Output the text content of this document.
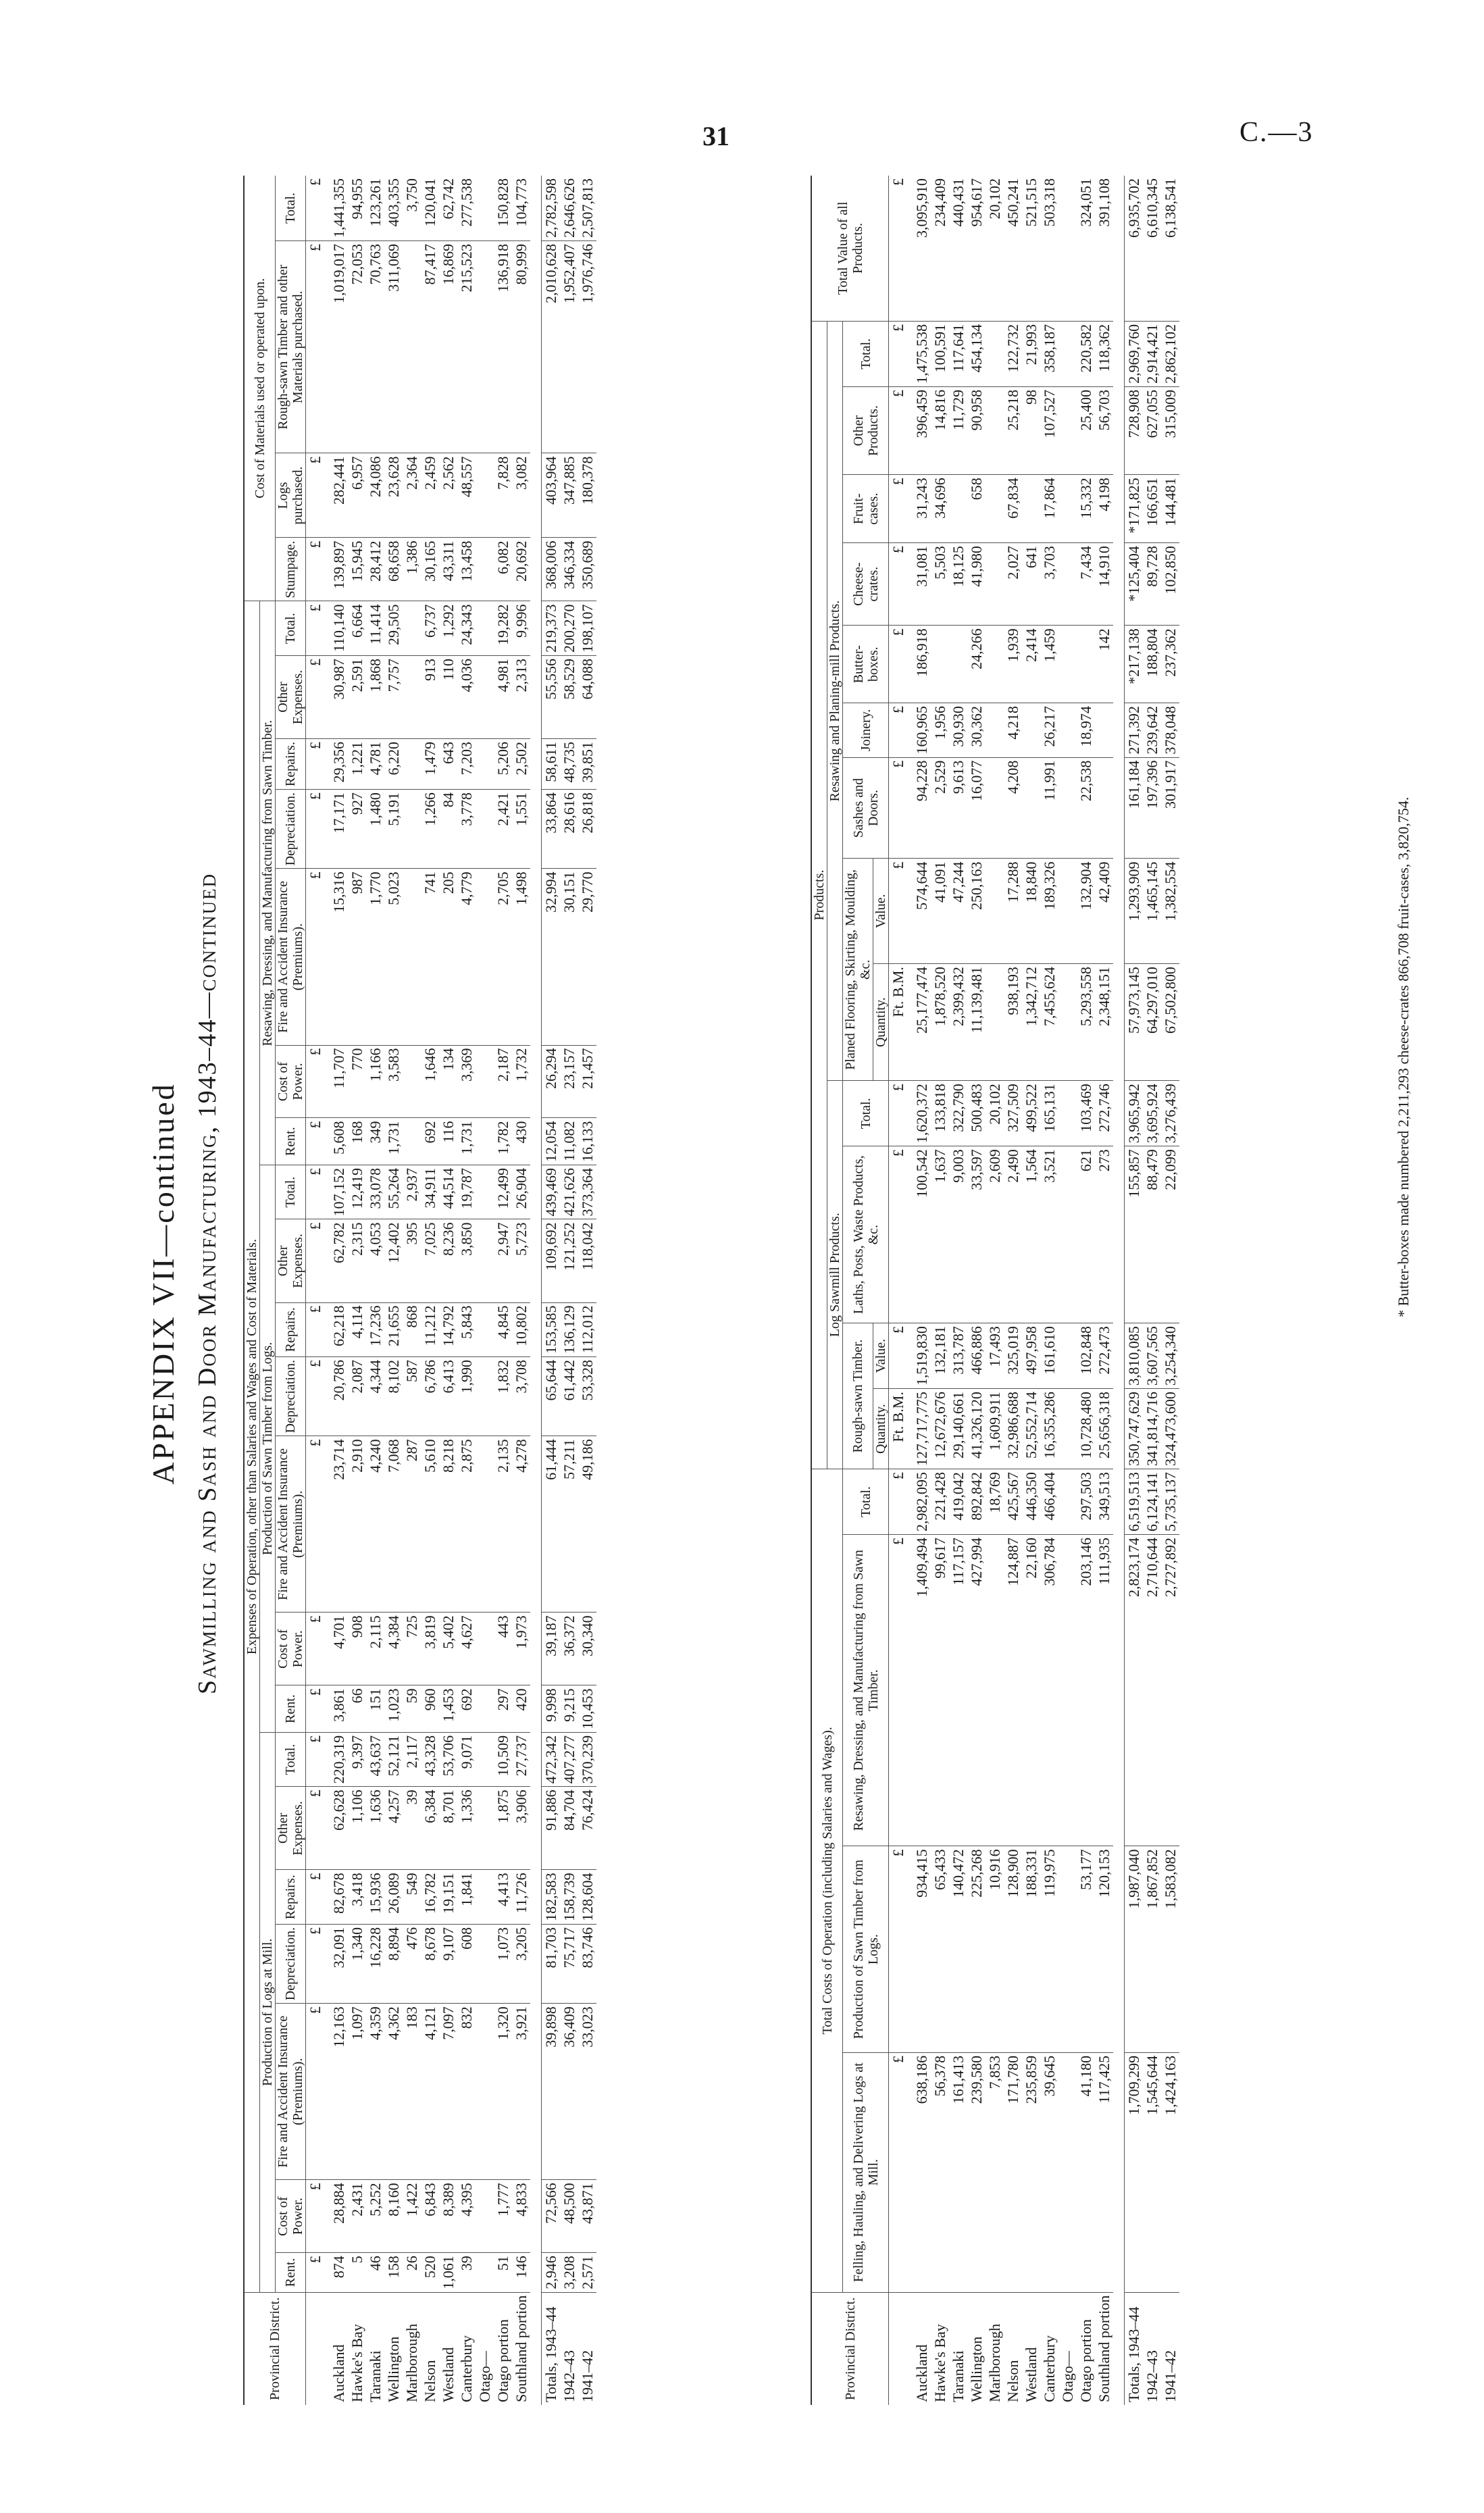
31	C.—3
APPENDIX VII—continued Sawmilling and Sash and Door Manufacturing, 1943–44—continued
Provincial District.	Expenses of Operation, other than Salaries and Wages and Cost of Materials.																					Cost of Materials used or operated upon.			
	Production of Logs at Mill.							Production of Sawn Timber from Logs.							Resawing, Dressing, and Manufacturing from Sawn Timber.										
	Rent.	Cost of Power.	Fire and Accident Insurance (Premiums).	Depreciation.	Repairs.	Other Expenses.	Total.	Rent.	Cost of Power.	Fire and Accident Insurance (Premiums).	Depreciation.	Repairs.	Other Expenses.	Total.	Rent.	Cost of Power.	Fire and Accident Insurance (Premiums).	Depreciation.	Repairs.	Other Expenses.	Total.	Stumpage.	Logs purchased.	Rough-sawn Timber and other Materials purchased.	Total.
	£	£	£	£	£	£	£	£	£	£	£	£	£	£	£	£	£	£	£	£	£	£	£	£	£
Auckland	874	28,884	12,163	32,091	82,678	62,628	220,319	3,861	4,701	23,714	20,786	62,218	62,782	107,152	5,608	11,707	15,316	17,171	29,356	30,987	110,140	139,897	282,441	1,019,017	1,441,355
Hawke's Bay	5	2,431	1,097	1,340	3,418	1,106	9,397	66	908	2,910	2,087	4,114	2,315	12,419	168	770	987	927	1,221	2,591	6,664	15,945	6,957	72,053	94,955
Taranaki	46	5,252	4,359	16,228	15,936	1,636	43,637	151	2,115	4,240	4,344	17,236	4,053	33,078	349	1,166	1,770	1,480	4,781	1,868	11,414	28,412	24,086	70,763	123,261
Wellington	158	8,160	4,362	8,894	26,089	4,257	52,121	1,023	4,384	7,068	8,102	21,655	12,402	55,264	1,731	3,583	5,023	5,191	6,220	7,757	29,505	68,658	23,628	311,069	403,355
Marlborough	26	1,422	183	476	549	39	2,117	59	725	287	587	868	395	2,937								1,386	2,364		3,750
Nelson	520	6,843	4,121	8,678	16,782	6,384	43,328	960	3,819	5,610	6,786	11,212	7,025	34,911	692	1,646	741	1,266	1,479	913	6,737	30,165	2,459	87,417	120,041
Westland	1,061	8,389	7,097	9,107	19,151	8,701	53,706	1,453	5,402	8,218	6,413	14,792	8,236	44,514	116	134	205	84	643	110	1,292	43,311	2,562	16,869	62,742
Canterbury	39	4,395	832	608	1,841	1,336	9,071	692	4,627	2,875	1,990	5,843	3,850	19,787	1,731	3,369	4,779	3,778	7,203	4,036	24,343	13,458	48,557	215,523	277,538
Otago—																									
Otago portion	51	1,777	1,320	1,073	4,413	1,875	10,509	297	443	2,135	1,832	4,845	2,947	12,499	1,782	2,187	2,705	2,421	5,206	4,981	19,282	6,082	7,828	136,918	150,828
Southland portion	146	4,833	3,921	3,205	11,726	3,906	27,737	420	1,973	4,278	3,708	10,802	5,723	26,904	430	1,732	1,498	1,551	2,502	2,313	9,996	20,692	3,082	80,999	104,773

Totals, 1943–44	2,946	72,566	39,898	81,703	182,583	91,886	472,342	9,998	39,187	61,444	65,644	153,585	109,692	439,469	12,054	26,294	32,994	33,864	58,611	55,556	219,373	368,006	403,964	2,010,628	2,782,598
1942–43	3,208	48,500	36,409	75,717	158,739	84,704	407,277	9,215	36,372	57,211	61,442	136,129	121,252	421,626	11,082	23,157	30,151	28,616	48,735	58,529	200,270	346,334	347,885	1,952,407	2,646,626
1941–42	2,571	43,871	33,023	83,746	128,604	76,424	370,239	10,453	30,340	49,186	53,328	112,012	118,042	373,364	16,133	21,457	29,770	26,818	39,851	64,088	198,107	350,689	180,378	1,976,746	2,507,813
Provincial District.	Total Costs of Operation (including Salaries and Wages).				Products.													Total Value of all Products.
					Log Sawmill Products.				Resawing and Planing-mill Products.									
	Felling, Hauling, and Delivering Logs at Mill.	Production of Sawn Timber from Logs.	Resawing, Dressing, and Manufacturing from Sawn Timber.	Total.	Rough-sawn Timber.		Laths, Posts, Waste Products, &c.	Total.	Planed Flooring, Skirting, Moulding, &c.		Sashes and Doors.	Joinery.	Butter-boxes.	Cheese-crates.	Fruit-cases.	Other Products.	Total.	

					Quantity.	Value.			Quantity.	Value.								
	£	£	£	£	Ft. B.M.	£	£	£	Ft. B.M.	£	£	£	£	£	£	£	£	£
Auckland	638,186	934,415	1,409,494	2,982,095	127,717,775	1,519,830	100,542	1,620,372	25,177,474	574,644	94,228	160,965	186,918	31,081	31,243	396,459	1,475,538	3,095,910
Hawke's Bay	56,378	65,433	99,617	221,428	12,672,676	132,181	1,637	133,818	1,878,520	41,091	2,529	1,956		5,503	34,696	14,816	100,591	234,409
Taranaki	161,413	140,472	117,157	419,042	29,140,661	313,787	9,003	322,790	2,399,432	47,244	9,613	30,930		18,125		11,729	117,641	440,431
Wellington	239,580	225,268	427,994	892,842	41,326,120	466,886	33,597	500,483	11,139,481	250,163	16,077	30,362	24,266	41,980	658	90,958	454,134	954,617
Marlborough	7,853	10,916		18,769	1,609,911	17,493	2,609	20,102										20,102
Nelson	171,780	128,900	124,887	425,567	32,986,688	325,019	2,490	327,509	938,193	17,288	4,208	4,218	1,939	2,027	67,834	25,218	122,732	450,241
Westland	235,859	188,331	22,160	446,350	52,552,714	497,958	1,564	499,522	1,342,712	18,840			2,414	641		98	21,993	521,515
Canterbury	39,645	119,975	306,784	466,404	16,355,286	161,610	3,521	165,131	7,455,624	189,326	11,991	26,217	1,459	3,703	17,864	107,527	358,187	503,318
Otago—																		
Otago portion	41,180	53,177	203,146	297,503	10,728,480	102,848	621	103,469	5,293,558	132,904	22,538	18,974		7,434	15,332	25,400	220,582	324,051
Southland portion	117,425	120,153	111,935	349,513	25,656,318	272,473	273	272,746	2,348,151	42,409			142	14,910	4,198	56,703	118,362	391,108

Totals, 1943–44	1,709,299	1,987,040	2,823,174	6,519,513	350,747,629	3,810,085	155,857	3,965,942	57,973,145	1,293,909	161,184	271,392	*217,138	*125,404	*171,825	728,908	2,969,760	6,935,702
1942–43	1,545,644	1,867,852	2,710,644	6,124,141	341,814,716	3,607,565	88,479	3,695,924	64,297,010	1,465,145	197,396	239,642	188,804	89,728	166,651	627,055	2,914,421	6,610,345
1941–42	1,424,163	1,583,082	2,727,892	5,735,137	324,473,600	3,254,340	22,099	3,276,439	67,502,800	1,382,554	301,917	378,048	237,362	102,850	144,481	315,009	2,862,102	6,138,541
* Butter-boxes made numbered 2,211,293 cheese-crates 866,708 fruit-cases, 3,820,754.
